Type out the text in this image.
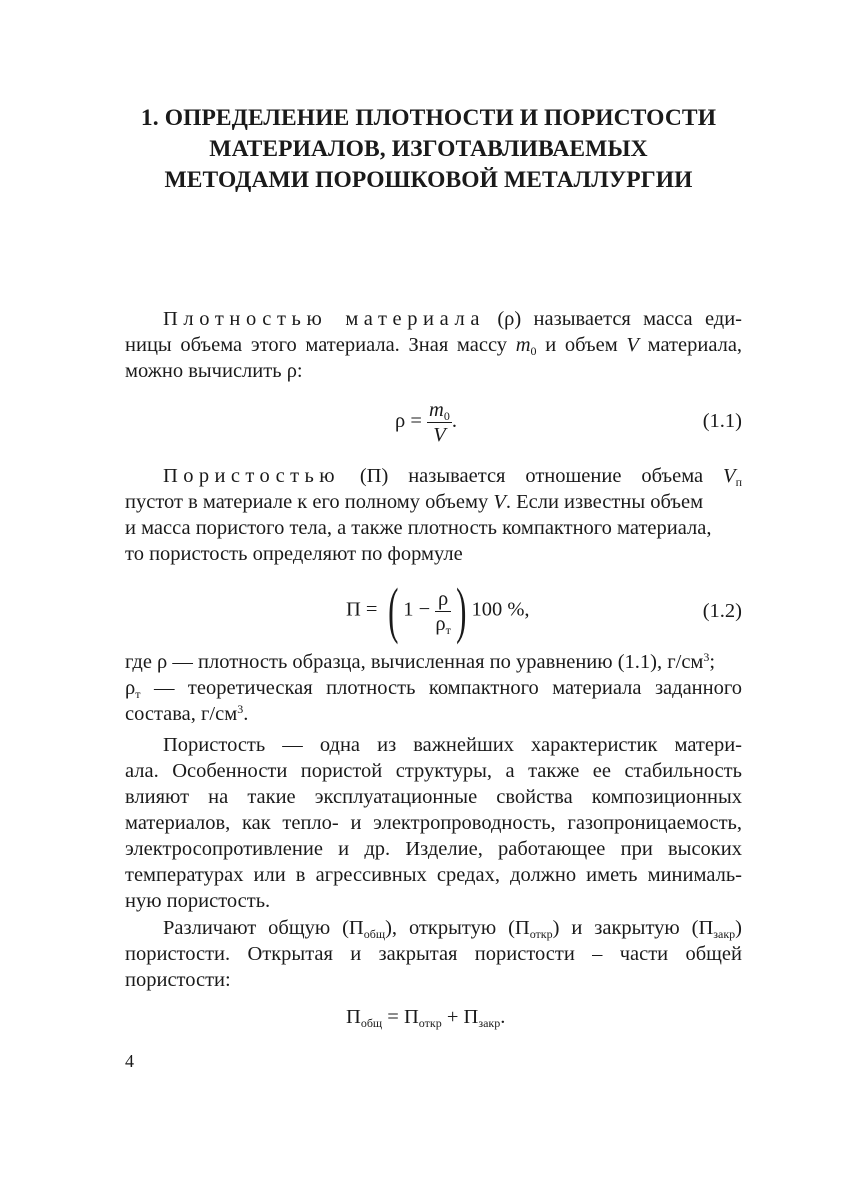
1. ОПРЕДЕЛЕНИЕ ПЛОТНОСТИ И ПОРИСТОСТИ
МАТЕРИАЛОВ, ИЗГОТАВЛИВАЕМЫХ
МЕТОДАМИ ПОРОШКОВОЙ МЕТАЛЛУРГИИ
Плотностью материала (ρ) называется масса еди-
ницы объема этого материала. Зная массу $m_0$ и объем V материала,
можно вычислить ρ:
$\rho = \frac{m_0}{V}$ .	(1.1)
Пористостью (П) называется отношение объема $V_п$
пустот в материале к его полному объему V. Если известны объем
и масса пористого тела, а также плотность компактного материала,
то пористость определяют по формуле
П = ( $1 - \frac{\rho}{\rho_т}$ ) 100 %,	(1.2)
где ρ — плотность образца, вычисленная по уравнению (1.1), $г/см^3$;
$\rho_т$ — теоретическая плотность компактного материала заданного
состава, $г/см^3$.
Пористость — одна из важнейших характеристик матери-
ала. Особенности пористой структуры, а также ее стабильность
влияют на такие эксплуатационные свойства композиционных
материалов, как тепло- и электропроводность, газопроницаемость,
электросопротивление и др. Изделие, работающее при высоких
температурах или в агрессивных средах, должно иметь минималь-
ную пористость.
Различают общую $(П_{общ})$, открытую $(П_{откр})$ и закрытую $(П_{закр})$
пористости. Открытая и закрытая пористости – части общей
пористости:
$П_{общ} = П_{откр} + П_{закр}$.
4
